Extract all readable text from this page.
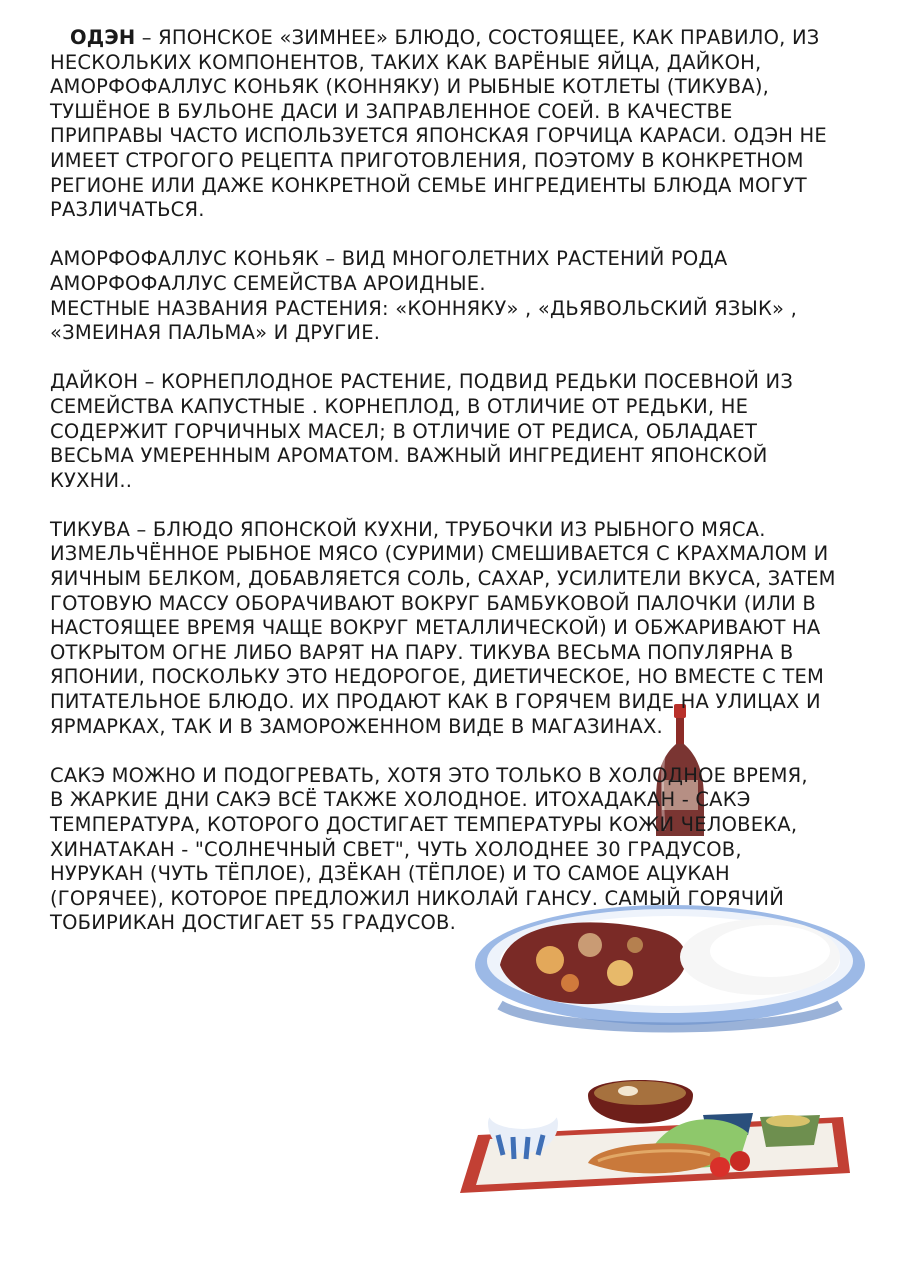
ОДЭН – ЯПОНСКОЕ «ЗИМНЕЕ» БЛЮДО, СОСТОЯЩЕЕ, КАК ПРАВИЛО, ИЗ
НЕСКОЛЬКИХ КОМПОНЕНТОВ, ТАКИХ КАК ВАРЁНЫЕ ЯЙЦА, ДАЙКОН,
АМОРФОФАЛЛУС КОНЬЯК (КОННЯКУ) И РЫБНЫЕ КОТЛЕТЫ (ТИКУВА),
ТУШЁНОЕ В БУЛЬОНЕ ДАСИ И ЗАПРАВЛЕННОЕ СОЕЙ. В КАЧЕСТВЕ
ПРИПРАВЫ ЧАСТО ИСПОЛЬЗУЕТСЯ ЯПОНСКАЯ ГОРЧИЦА КАРАСИ. ОДЭН НЕ
ИМЕЕТ СТРОГОГО РЕЦЕПТА ПРИГОТОВЛЕНИЯ, ПОЭТОМУ В КОНКРЕТНОМ
РЕГИОНЕ ИЛИ ДАЖЕ КОНКРЕТНОЙ СЕМЬЕ ИНГРЕДИЕНТЫ БЛЮДА МОГУТ
РАЗЛИЧАТЬСЯ.
АМОРФОФАЛЛУС КОНЬЯК – ВИД МНОГОЛЕТНИХ РАСТЕНИЙ РОДА
АМОРФОФАЛЛУС СЕМЕЙСТВА АРОИДНЫЕ.
МЕСТНЫЕ НАЗВАНИЯ РАСТЕНИЯ: «КОННЯКУ» , «ДЬЯВОЛЬСКИЙ ЯЗЫК» ,
«ЗМЕИНАЯ ПАЛЬМА» И ДРУГИЕ.
ДАЙКОН – КОРНЕПЛОДНОЕ РАСТЕНИЕ, ПОДВИД РЕДЬКИ ПОСЕВНОЙ ИЗ
СЕМЕЙСТВА КАПУСТНЫЕ . КОРНЕПЛОД, В ОТЛИЧИЕ ОТ РЕДЬКИ, НЕ
СОДЕРЖИТ ГОРЧИЧНЫХ МАСЕЛ; В ОТЛИЧИЕ ОТ РЕДИСА, ОБЛАДАЕТ
ВЕСЬМА УМЕРЕННЫМ АРОМАТОМ. ВАЖНЫЙ ИНГРЕДИЕНТ ЯПОНСКОЙ
КУХНИ..
ТИКУВА – БЛЮДО ЯПОНСКОЙ КУХНИ, ТРУБОЧКИ ИЗ РЫБНОГО МЯСА.
ИЗМЕЛЬЧЁННОЕ РЫБНОЕ МЯСО (СУРИМИ) СМЕШИВАЕТСЯ С КРАХМАЛОМ И
ЯИЧНЫМ БЕЛКОМ, ДОБАВЛЯЕТСЯ СОЛЬ, САХАР, УСИЛИТЕЛИ ВКУСА, ЗАТЕМ
ГОТОВУЮ МАССУ ОБОРАЧИВАЮТ ВОКРУГ БАМБУКОВОЙ ПАЛОЧКИ (ИЛИ В
НАСТОЯЩЕЕ ВРЕМЯ ЧАЩЕ ВОКРУГ МЕТАЛЛИЧЕСКОЙ) И ОБЖАРИВАЮТ НА
ОТКРЫТОМ ОГНЕ ЛИБО ВАРЯТ НА ПАРУ. ТИКУВА ВЕСЬМА ПОПУЛЯРНА В
ЯПОНИИ, ПОСКОЛЬКУ ЭТО НЕДОРОГОЕ, ДИЕТИЧЕСКОЕ, НО ВМЕСТЕ С ТЕМ
ПИТАТЕЛЬНОЕ БЛЮДО. ИХ ПРОДАЮТ КАК В ГОРЯЧЕМ ВИДЕ НА УЛИЦАХ И
ЯРМАРКАХ, ТАК И В ЗАМОРОЖЕННОМ ВИДЕ В МАГАЗИНАХ.
САКЭ МОЖНО И ПОДОГРЕВАТЬ, ХОТЯ ЭТО ТОЛЬКО В ХОЛОДНОЕ ВРЕМЯ,
В ЖАРКИЕ ДНИ САКЭ ВСЁ ТАКЖЕ ХОЛОДНОЕ. ИТОХАДАКАН - САКЭ
ТЕМПЕРАТУРА, КОТОРОГО ДОСТИГАЕТ ТЕМПЕРАТУРЫ КОЖИ ЧЕЛОВЕКА,
ХИНАТАКАН - "СОЛНЕЧНЫЙ СВЕТ", ЧУТЬ ХОЛОДНЕЕ 30 ГРАДУСОВ,
НУРУКАН (ЧУТЬ ТЁПЛОЕ), ДЗЁКАН (ТЁПЛОЕ) И ТО САМОЕ АЦУКАН
(ГОРЯЧЕЕ), КОТОРОЕ ПРЕДЛОЖИЛ НИКОЛАЙ ГАНСУ. САМЫЙ ГОРЯЧИЙ
ТОБИРИКАН ДОСТИГАЕТ 55 ГРАДУСОВ.
